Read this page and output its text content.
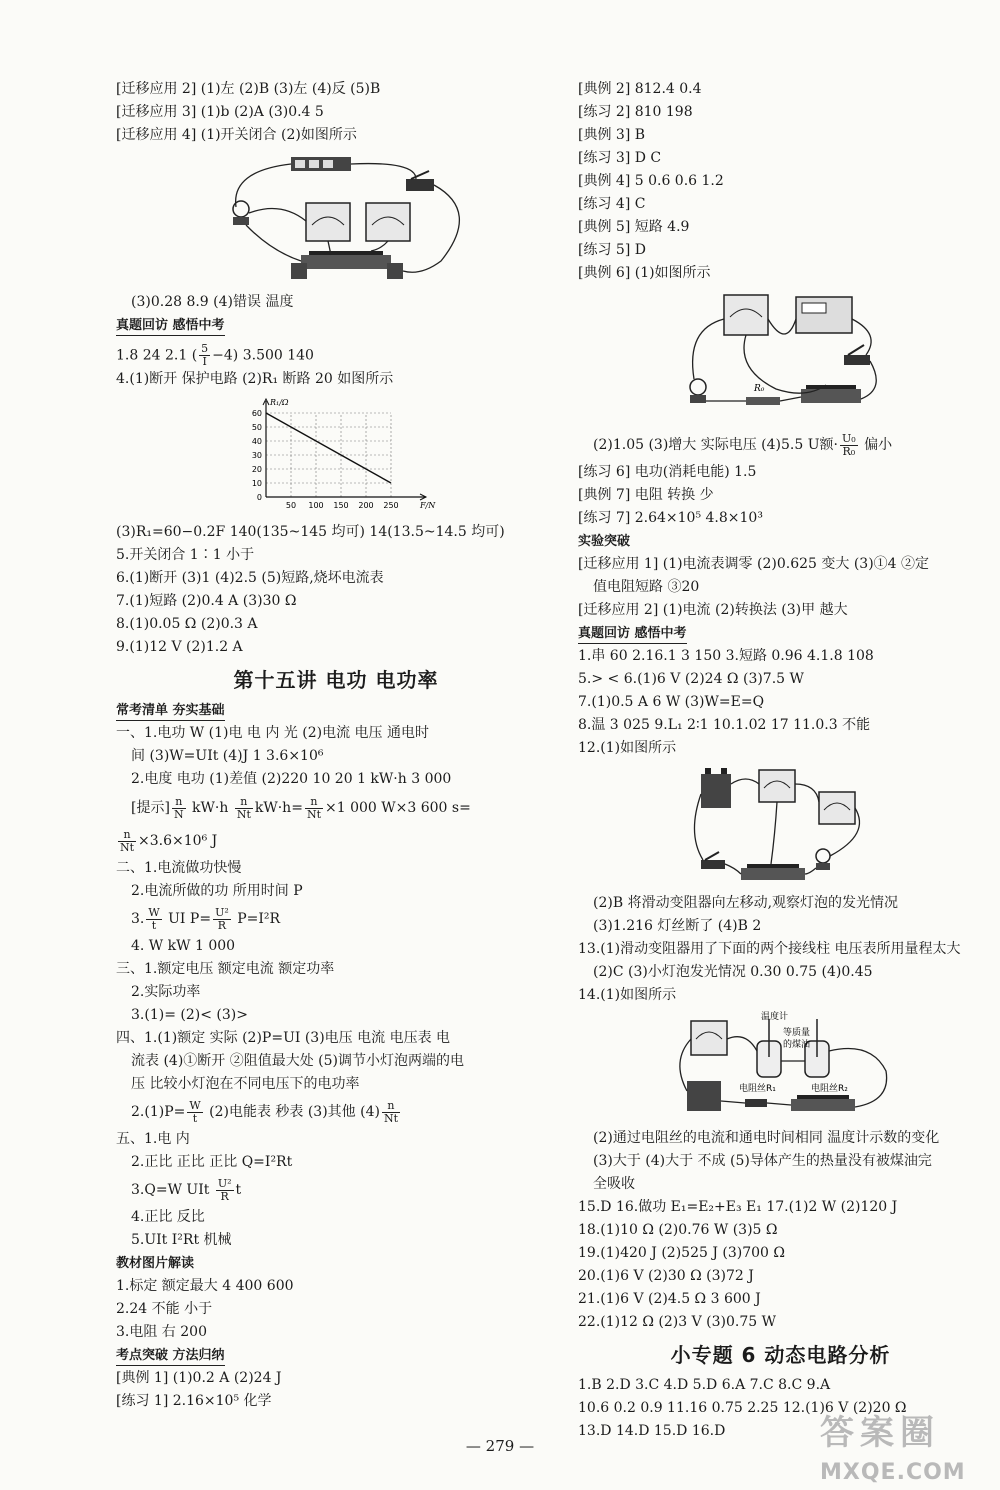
[迁移应用 2] (1)左 (2)B (3)左 (4)反 (5)B
[迁移应用 3] (1)b (2)A (3)0.4 5
[迁移应用 4] (1)开关闭合 (2)如图所示
(3)0.28 8.9 (4)错误 温度
真题回访 感悟中考
1.8 24 2.1 ( $\frac{5}{I} -4$) 3.500 140
4.(1)断开 保护电路 (2)R₁ 断路 20 如图所示
60
50
40
30
20
10
0
50 100 150 200 250
R₁/Ω
F/N
(3)R₁=60−0.2F 140(135~145 均可) 14(13.5~14.5 均可)
5.开关闭合 1∶1 小于
6.(1)断开 (3)1 (4)2.5 (5)短路,烧坏电流表
7.(1)短路 (2)0.4 A (3)30 Ω
8.(1)0.05 Ω (2)0.3 A
9.(1)12 V (2)1.2 A
第十五讲 电功 电功率
常考清单 夯实基础
一、1.电功 W (1)电 电 内 光 (2)电流 电压 通电时
间 (3)W=UIt (4)J 1 3.6×10⁶
2.电度 电功 (1)差值 (2)220 10 20 1 kW·h 3 000
[提示] $\frac{n}{N} kW\cdot h \frac{n}{Nt} kW\cdot h= \frac{n}{Nt} \times 1$ 000 W×3 600 s=
$\frac{n}{Nt} \times 3.6\times 10^6$ J
二、1.电流做功快慢
2.电流所做的功 所用时间 P
3. $\frac{W}{t}$ UI $P= \frac{\text{U²}}{R} P=I^2R$
4. W kW 1 000
三、1.额定电压 额定电流 额定功率
2.实际功率
3.(1)= (2)< (3)>
四、1.(1)额定 实际 (2)P=UI (3)电压 电流 电压表 电
流表 (4)①断开 ②阻值最大处 (5)调节小灯泡两端的电
压 比较小灯泡在不同电压下的电功率
$2.(1)P= \frac{W}{t} (2)$电能表 秒表 (3)其他 $(4) \frac{n}{Nt}$
五、1.电 内
2.正比 正比 正比 Q=I²Rt
3.Q=W UIt $\frac{\text{U²}}{R}$ t
4.正比 反比
5.UIt I²Rt 机械
教材图片解读
1.标定 额定最大 4 400 600
2.24 不能 小于
3.电阻 右 200
考点突破 方法归纳
[典例 1] (1)0.2 A (2)24 J
[练习 1] 2.16×10⁵ 化学
[典例 2] 812.4 0.4
[练习 2] 810 198
[典例 3] B
[练习 3] D C
[典例 4] 5 0.6 0.6 1.2
[练习 4] C
[典例 5] 短路 4.9
[练习 5] D
[典例 6] (1)如图所示
R₀
(2)1.05 (3)增大 实际电压 (4)5.5 U额· $\frac{\text{U₀}}{\text{R₀}}$ 偏小
[练习 6] 电功(消耗电能) 1.5
[典例 7] 电阻 转换 少
[练习 7] 2.64×10⁵ 4.8×10³
实验突破
[迁移应用 1] (1)电流表调零 (2)0.625 变大 (3)①4 ②定
值电阻短路 ③20
[迁移应用 2] (1)电流 (2)转换法 (3)甲 越大
真题回访 感悟中考
1.串 60 2.16.1 3 150 3.短路 0.96 4.1.8 108
5.> < 6.(1)6 V (2)24 Ω (3)7.5 W
7.(1)0.5 A 6 W (3)W=E=Q
8.温 3 025 9.L₁ 2∶1 10.1.02 17 11.0.3 不能
12.(1)如图所示
(2)B 将滑动变阻器向左移动,观察灯泡的发光情况
(3)1.216 灯丝断了 (4)B 2
13.(1)滑动变阻器用了下面的两个接线柱 电压表所用量程太大
(2)C (3)小灯泡发光情况 0.30 0.75 (4)0.45
14.(1)如图所示
温度计
等质量
的煤油
电阻丝R₁	电阻丝R₂
(2)通过电阻丝的电流和通电时间相同 温度计示数的变化
(3)大于 (4)大于 不成 (5)导体产生的热量没有被煤油完
全吸收
15.D 16.做功 E₁=E₂+E₃ E₁ 17.(1)2 W (2)120 J
18.(1)10 Ω (2)0.76 W (3)5 Ω
19.(1)420 J (2)525 J (3)700 Ω
20.(1)6 V (2)30 Ω (3)72 J
21.(1)6 V (2)4.5 Ω 3 600 J
22.(1)12 Ω (2)3 V (3)0.75 W
小专题 6 动态电路分析
1.B 2.D 3.C 4.D 5.D 6.A 7.C 8.C 9.A
10.6 0.2 0.9 11.16 0.75 2.25 12.(1)6 V (2)20 Ω
13.D 14.D 15.D 16.D
— 279 —	答案圈
MXQE.COM
